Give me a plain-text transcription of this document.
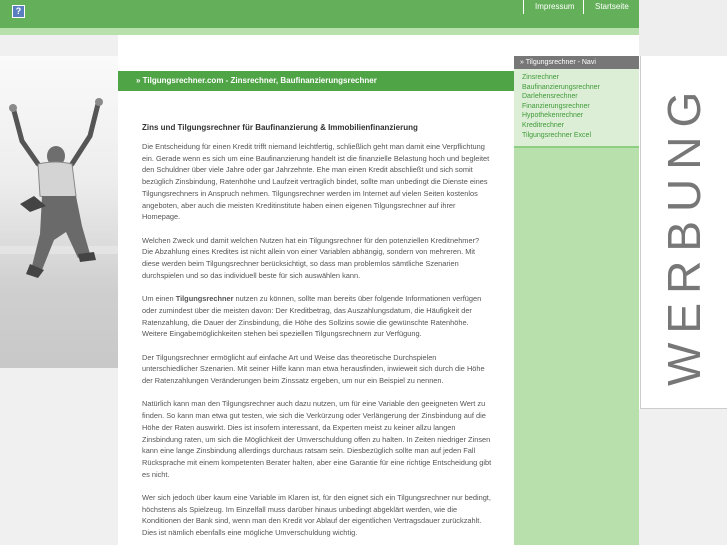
?	Impressum	Startseite
» Tilgungsrechner.com - Zinsrechner, Baufinanzierungsrechner
Zins und Tilgungsrechner für Baufinanzierung & Immobilienfinanzierung

Die Entscheidung für einen Kredit trifft niemand leichtfertig, schließlich geht man damit eine Verpflichtung ein. Gerade wenn es sich um eine Baufinanzierung handelt ist die finanzielle Belastung hoch und begleitet den Schuldner über viele Jahre oder gar Jahrzehnte. Ehe man einen Kredit abschließt und sich somit bezüglich Zinsbindung, Ratenhöhe und Laufzeit vertraglich bindet, sollte man unbedingt die Dienste eines Tilgungsrechners in Anspruch nehmen. Tilgungsrechner werden im Internet auf vielen Seiten kostenlos angeboten, aber auch die meisten Kreditinstitute haben einen eigenen Tilgungsrechner auf ihrer Homepage.

Welchen Zweck und damit welchen Nutzen hat ein Tilgungsrechner für den potenziellen Kreditnehmer? Die Abzahlung eines Kredites ist nicht allein von einer Variablen abhängig, sondern von mehreren. Mit diese werden beim Tilgungsrechner berücksichtigt, so dass man problemlos sämtliche Szenarien durchspielen und so das individuell beste für sich auswählen kann.

Um einen Tilgungsrechner nutzen zu können, sollte man bereits über folgende Informationen verfügen oder zumindest über die meisten davon: Der Kreditbetrag, das Auszahlungsdatum, die Häufigkeit der Ratenzahlung, die Dauer der Zinsbindung, die Höhe des Sollzins sowie die gewünschte Ratenhöhe. Weitere Eingabemöglichkeiten stehen bei speziellen Tilgungsrechnern zur Verfügung.

Der Tilgungsrechner ermöglicht auf einfache Art und Weise das theoretische Durchspielen unterschiedlicher Szenarien. Mit seiner Hilfe kann man etwa herausfinden, inwieweit sich durch die Höhe der Ratenzahlungen Veränderungen beim Zinssatz ergeben, um nur ein Beispiel zu nennen.

Natürlich kann man den Tilgungsrechner auch dazu nutzen, um für eine Variable den geeigneten Wert zu finden. So kann man etwa gut testen, wie sich die Verkürzung oder Verlängerung der Zinsbindung auf die Höhe der Raten auswirkt. Dies ist insofern interessant, da Experten meist zu keiner allzu langen Zinsbindung raten, um sich die Möglichkeit der Umverschuldung offen zu halten. In Zeiten niedriger Zinsen kann eine lange Zinsbindung allerdings durchaus ratsam sein. Diesbezüglich sollte man auf jeden Fall Rücksprache mit einem kompetenten Berater halten, aber eine Garantie für eine richtige Entscheidung gibt es nicht.

Wer sich jedoch über kaum eine Variable im Klaren ist, für den eignet sich ein Tilgungsrechner nur bedingt, höchstens als Spielzeug. Im Einzelfall muss darüber hinaus unbedingt abgeklärt werden, wie die Konditionen der Bank sind, wenn man den Kredit vor Ablauf der eigentlichen Vertragsdauer zurückzahlt. Dies ist nämlich ebenfalls eine mögliche Umverschuldung wichtig.

» Tilgungsrechner - Navi
Zinsrechner
Baufinanzierungsrechner
Darlehensrechner
Finanzierungsrechner
Hypothekenrechner
Kreditrechner
Tilgungsrechner Excel	WERBUNG
